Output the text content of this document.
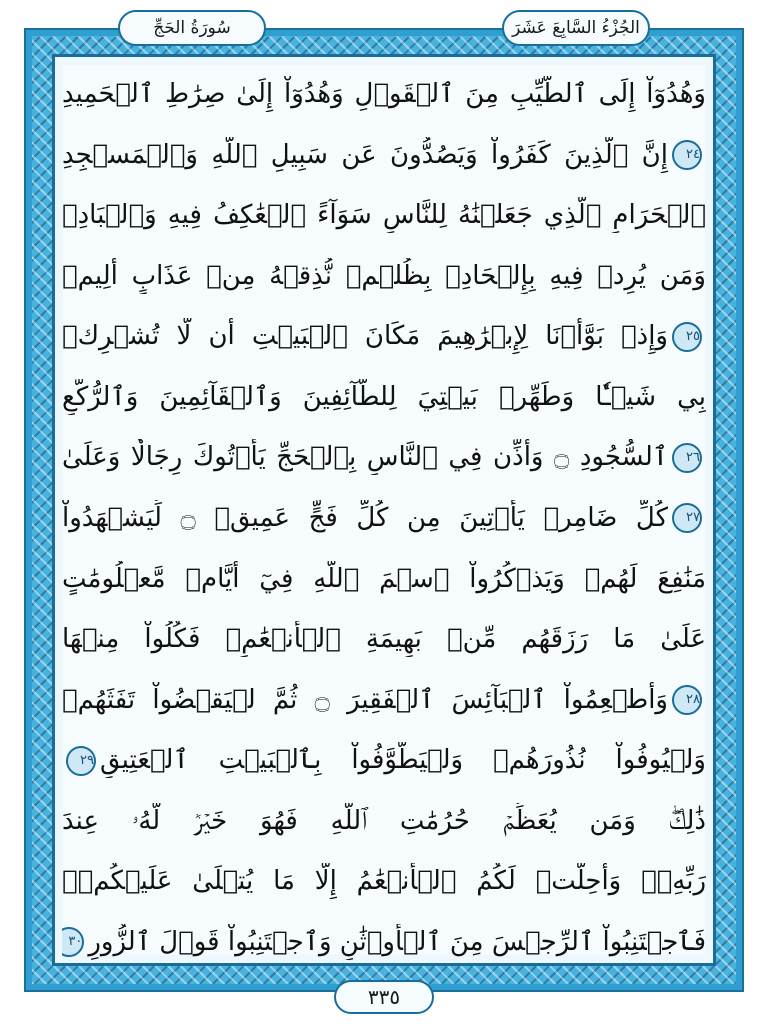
سُورَةُ الحَجِّ	الجُزْءُ السَّابِعَ عَشَرَ
وَهُدُوٓاْ إِلَى ٱلطَّيِّبِ مِنَ ٱلۡقَوۡلِ وَهُدُوٓاْ إِلَىٰ صِرَٰطِ ٱلۡحَمِيدِ
٢٤إِنَّ ٱلَّذِينَ كَفَرُواْ وَيَصُدُّونَ عَن سَبِيلِ ٱللَّهِ وَٱلۡمَسۡجِدِ
ٱلۡحَرَامِ ٱلَّذِي جَعَلۡنَٰهُ لِلنَّاسِ سَوَآءً ٱلۡعَٰكِفُ فِيهِ وَٱلۡبَادِۚ
وَمَن يُرِدۡ فِيهِ بِإِلۡحَادِۭ بِظُلۡمٖ نُّذِقۡهُ مِنۡ عَذَابٍ أَلِيمٖ
٢٥وَإِذۡ بَوَّأۡنَا لِإِبۡرَٰهِيمَ مَكَانَ ٱلۡبَيۡتِ أَن لَّا تُشۡرِكۡ
بِي شَيۡـٔٗا وَطَهِّرۡ بَيۡتِيَ لِلطَّآئِفِينَ وَٱلۡقَآئِمِينَ وَٱلرُّكَّعِ
٢٦ٱلسُّجُودِ ۝ وَأَذِّن فِي ٱلنَّاسِ بِٱلۡحَجِّ يَأۡتُوكَ رِجَالٗا وَعَلَىٰ
٢٧كُلِّ ضَامِرٖ يَأۡتِينَ مِن كُلِّ فَجٍّ عَمِيقٖ ۝ لِّيَشۡهَدُواْ
مَنَٰفِعَ لَهُمۡ وَيَذۡكُرُواْ ٱسۡمَ ٱللَّهِ فِيٓ أَيَّامٖ مَّعۡلُومَٰتٍ
عَلَىٰ مَا رَزَقَهُم مِّنۢ بَهِيمَةِ ٱلۡأَنۡعَٰمِۖ فَكُلُواْ مِنۡهَا
٢٨وَأَطۡعِمُواْ ٱلۡبَآئِسَ ٱلۡفَقِيرَ ۝ ثُمَّ لۡيَقۡضُواْ تَفَثَهُمۡ
وَلۡيُوفُواْ نُذُورَهُمۡ وَلۡيَطَّوَّفُواْ بِٱلۡبَيۡتِ ٱلۡعَتِيقِ٢٩
ذَٰلِكَۖ وَمَن يُعَظِّمۡ حُرُمَٰتِ ٱللَّهِ فَهُوَ خَيۡرٞ لَّهُۥ عِندَ
رَبِّهِۦۗ وَأُحِلَّتۡ لَكُمُ ٱلۡأَنۡعَٰمُ إِلَّا مَا يُتۡلَىٰ عَلَيۡكُمۡۖ
فَٱجۡتَنِبُواْ ٱلرِّجۡسَ مِنَ ٱلۡأَوۡثَٰنِ وَٱجۡتَنِبُواْ قَوۡلَ ٱلزُّورِ٣٠
٣٣٥
